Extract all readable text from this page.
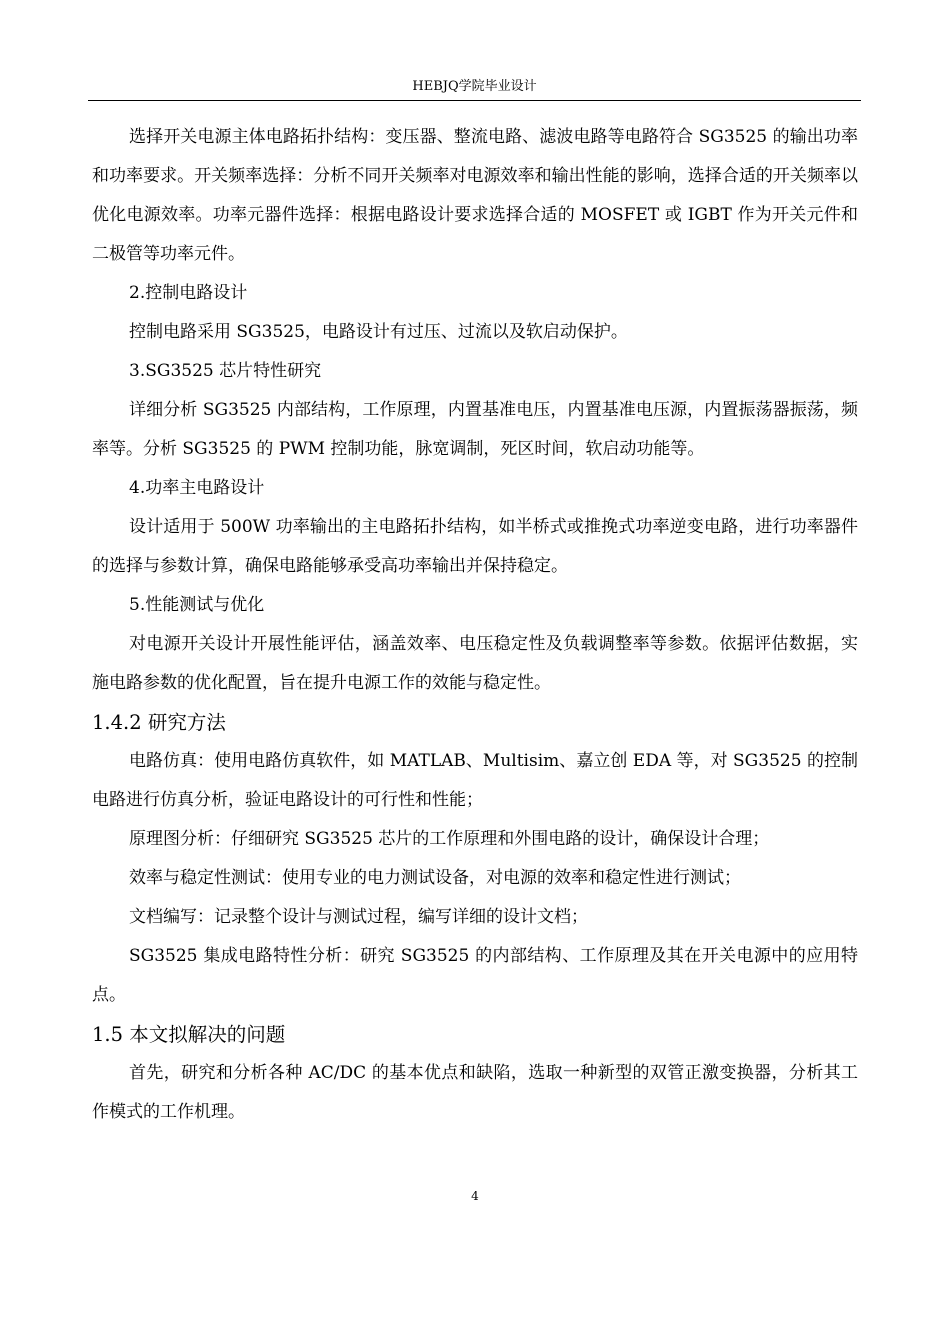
HEBJQ学院毕业设计

选择开关电源主体电路拓扑结构：变压器、整流电路、滤波电路等电路符合 SG3525 的输出功率和功率要求。开关频率选择：分析不同开关频率对电源效率和输出性能的影响，选择合适的开关频率以优化电源效率。功率元器件选择：根据电路设计要求选择合适的 MOSFET 或 IGBT 作为开关元件和二极管等功率元件。

2.控制电路设计

控制电路采用 SG3525，电路设计有过压、过流以及软启动保护。

3.SG3525 芯片特性研究

详细分析 SG3525 内部结构，工作原理，内置基准电压，内置基准电压源，内置振荡器振荡，频率等。分析 SG3525 的 PWM 控制功能，脉宽调制，死区时间，软启动功能等。

4.功率主电路设计

设计适用于 500W 功率输出的主电路拓扑结构，如半桥式或推挽式功率逆变电路，进行功率器件的选择与参数计算，确保电路能够承受高功率输出并保持稳定。

5.性能测试与优化

对电源开关设计开展性能评估，涵盖效率、电压稳定性及负载调整率等参数。依据评估数据，实施电路参数的优化配置，旨在提升电源工作的效能与稳定性。

1.4.2 研究方法

电路仿真：使用电路仿真软件，如 MATLAB、Multisim、嘉立创 EDA 等，对 SG3525 的控制电路进行仿真分析，验证电路设计的可行性和性能；

原理图分析：仔细研究 SG3525 芯片的工作原理和外围电路的设计，确保设计合理；

效率与稳定性测试：使用专业的电力测试设备，对电源的效率和稳定性进行测试；

文档编写：记录整个设计与测试过程，编写详细的设计文档；

SG3525 集成电路特性分析：研究 SG3525 的内部结构、工作原理及其在开关电源中的应用特点。

1.5 本文拟解决的问题

首先，研究和分析各种 AC/DC 的基本优点和缺陷，选取一种新型的双管正激变换器，分析其工作模式的工作机理。

4
